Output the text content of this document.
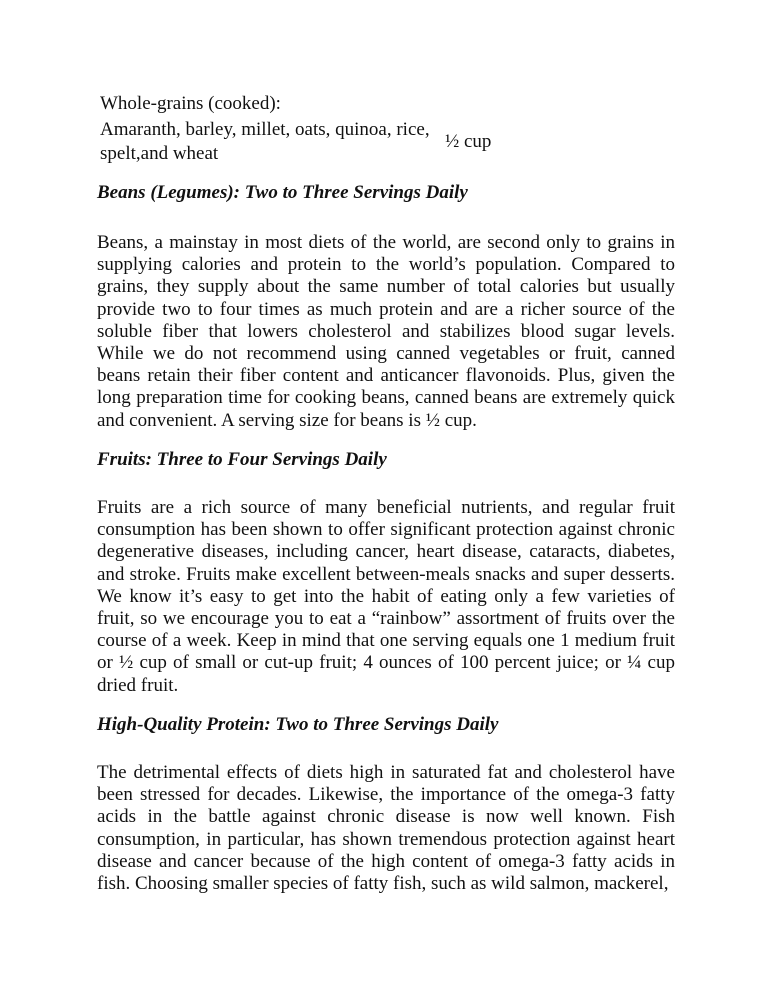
Whole-grains (cooked):
Amaranth, barley, millet, oats, quinoa, rice, spelt,and wheat
½ cup
Beans (Legumes): Two to Three Servings Daily

Beans, a mainstay in most diets of the world, are second only to grains in supplying calories and protein to the world’s population. Compared to grains, they supply about the same number of total calories but usually provide two to four times as much protein and are a richer source of the soluble fiber that lowers cholesterol and stabilizes blood sugar levels. While we do not recommend using canned vegetables or fruit, canned beans retain their fiber content and anticancer flavonoids. Plus, given the long preparation time for cooking beans, canned beans are extremely quick and convenient. A serving size for beans is ½ cup.

Fruits: Three to Four Servings Daily

Fruits are a rich source of many beneficial nutrients, and regular fruit consumption has been shown to offer significant protection against chronic degenerative diseases, including cancer, heart disease, cataracts, diabetes, and stroke. Fruits make excellent between-meals snacks and super desserts. We know it’s easy to get into the habit of eating only a few varieties of fruit, so we encourage you to eat a “rainbow” assortment of fruits over the course of a week. Keep in mind that one serving equals one 1 medium fruit or ½ cup of small or cut-up fruit; 4 ounces of 100 percent juice; or ¼ cup dried fruit.

High-Quality Protein: Two to Three Servings Daily

The detrimental effects of diets high in saturated fat and cholesterol have been stressed for decades. Likewise, the importance of the omega-3 fatty acids in the battle against chronic disease is now well known. Fish consumption, in particular, has shown tremendous protection against heart disease and cancer because of the high content of omega-3 fatty acids in fish. Choosing smaller species of fatty fish, such as wild salmon, mackerel,
